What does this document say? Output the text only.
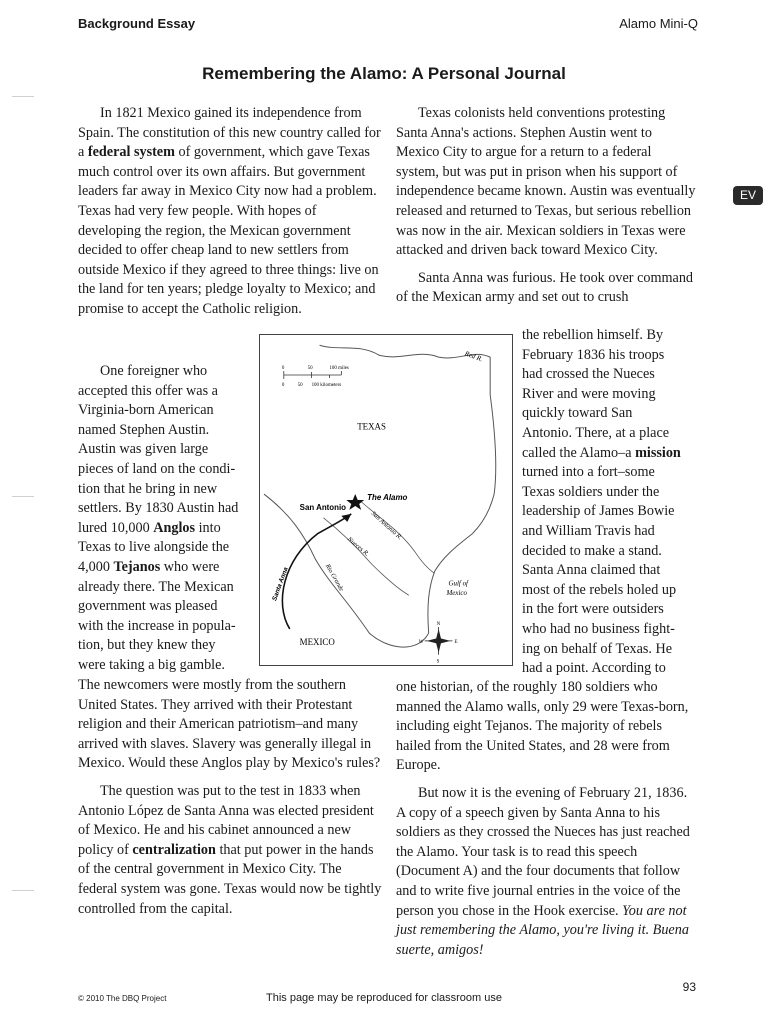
Background Essay	Alamo Mini-Q
Remembering the Alamo: A Personal Journal
EV

In 1821 Mexico gained its independence from Spain. The constitution of this new country called for a federal system of government, which gave Texas much control over its own affairs. But government leaders far away in Mexico City now had a problem. Texas had very few people. With hopes of developing the region, the Mexican government decided to offer cheap land to new settlers from outside Mexico if they agreed to three things: live on the land for ten years; pledge loyalty to Mexico; and promise to accept the Catholic religion.

One foreigner who
accepted this offer was a
Virginia-born American
named Stephen Austin.
Austin was given large
pieces of land on the condi-
tion that he bring in new
settlers. By 1830 Austin had
lured 10,000 Anglos into
Texas to live alongside the
4,000 Tejanos who were
already there. The Mexican
government was pleased
with the increase in popula-
tion, but they knew they
were taking a big gamble.

The newcomers were mostly from the southern United States. They arrived with their Protestant religion and their American patriotism–and many arrived with slaves. Slavery was generally illegal in Mexico. Would these Anglos play by Mexico's rules?

The question was put to the test in 1833 when Antonio López de Santa Anna was elected president of Mexico. He and his cabinet announced a new policy of centralization that put power in the hands of the central government in Mexico City. The federal system was gone. Texas would now be tightly controlled from the capital.

Texas colonists held conventions protesting Santa Anna's actions. Stephen Austin went to Mexico City to argue for a return to a federal system, but was put in prison when his support of independence became known. Austin was eventually released and returned to Texas, but serious rebellion was now in the air. Mexican soldiers in Texas were attacked and driven back toward Mexico City.

Santa Anna was furious. He took over command of the Mexican army and set out to crush

the rebellion himself. By
February 1836 his troops
had crossed the Nueces
River and were moving
quickly toward San
Antonio. There, at a place
called the Alamo–a mission
turned into a fort–some
Texas soldiers under the
leadership of James Bowie
and William Travis had
decided to make a stand.
Santa Anna claimed that
most of the rebels holed up
in the fort were outsiders
who had no business fight-
ing on behalf of Texas. He
had a point. According to

one historian, of the roughly 180 soldiers who manned the Alamo walls, only 29 were Texas-born, including eight Tejanos. The majority of rebels hailed from the United States, and 28 were from Europe.

But now it is the evening of February 21, 1836. A copy of a speech given by Santa Anna to his soldiers as they crossed the Nueces has just reached the Alamo. Your task is to read this speech (Document A) and the four documents that follow and to write five journal entries in the voice of the person you chose in the Hook exercise. You are not just remembering the Alamo, you're living it. Buena suerte, amigos!

0	50	100 miles
0	50 100 kilometers
TEXAS
Red R.
The Alamo
San Antonio
San Antonio R.
Nueces R.
Rio Grande
Santa Anna	Gulf of
Mexico
MEXICO
N
S
E
W
© 2010 The DBQ Project	This page may be reproduced for classroom use
93
